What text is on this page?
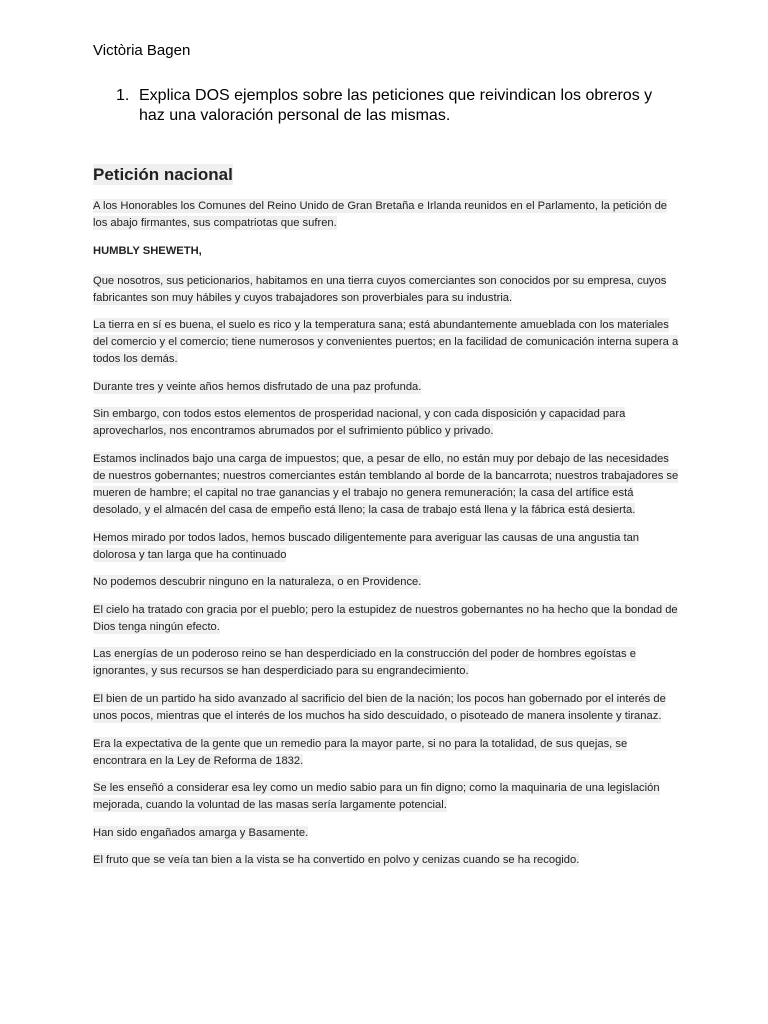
Victòria Bagen
1. Explica DOS ejemplos sobre las peticiones que reivindican los obreros y haz una valoración personal de las mismas.
Petición nacional
A los Honorables los Comunes del Reino Unido de Gran Bretaña e Irlanda reunidos en el Parlamento, la petición de los abajo firmantes, sus compatriotas que sufren.
HUMBLY SHEWETH,
Que nosotros, sus peticionarios, habitamos en una tierra cuyos comerciantes son conocidos por su empresa, cuyos fabricantes son muy hábiles y cuyos trabajadores son proverbiales para su industria.
La tierra en sí es buena, el suelo es rico y la temperatura sana; está abundantemente amueblada con los materiales del comercio y el comercio; tiene numerosos y convenientes puertos; en la facilidad de comunicación interna supera a todos los demás.
Durante tres y veinte años hemos disfrutado de una paz profunda.
Sin embargo, con todos estos elementos de prosperidad nacional, y con cada disposición y capacidad para aprovecharlos, nos encontramos abrumados por el sufrimiento público y privado.
Estamos inclinados bajo una carga de impuestos; que, a pesar de ello, no están muy por debajo de las necesidades de nuestros gobernantes; nuestros comerciantes están temblando al borde de la bancarrota; nuestros trabajadores se mueren de hambre; el capital no trae ganancias y el trabajo no genera remuneración; la casa del artífice está desolado, y el almacén del casa de empeño está lleno; la casa de trabajo está llena y la fábrica está desierta.
Hemos mirado por todos lados, hemos buscado diligentemente para averiguar las causas de una angustia tan dolorosa y tan larga que ha continuado
No podemos descubrir ninguno en la naturaleza, o en Providence.
El cielo ha tratado con gracia por el pueblo; pero la estupidez de nuestros gobernantes no ha hecho que la bondad de Dios tenga ningún efecto.
Las energías de un poderoso reino se han desperdiciado en la construcción del poder de hombres egoístas e ignorantes, y sus recursos se han desperdiciado para su engrandecimiento.
El bien de un partido ha sido avanzado al sacrificio del bien de la nación; los pocos han gobernado por el interés de unos pocos, mientras que el interés de los muchos ha sido descuidado, o pisoteado de manera insolente y tiranaz.
Era la expectativa de la gente que un remedio para la mayor parte, si no para la totalidad, de sus quejas, se encontrara en la Ley de Reforma de 1832.
Se les enseñó a considerar esa ley como un medio sabio para un fin digno; como la maquinaria de una legislación mejorada, cuando la voluntad de las masas sería largamente potencial.
Han sido engañados amarga y Basamente.
El fruto que se veía tan bien a la vista se ha convertido en polvo y cenizas cuando se ha recogido.
